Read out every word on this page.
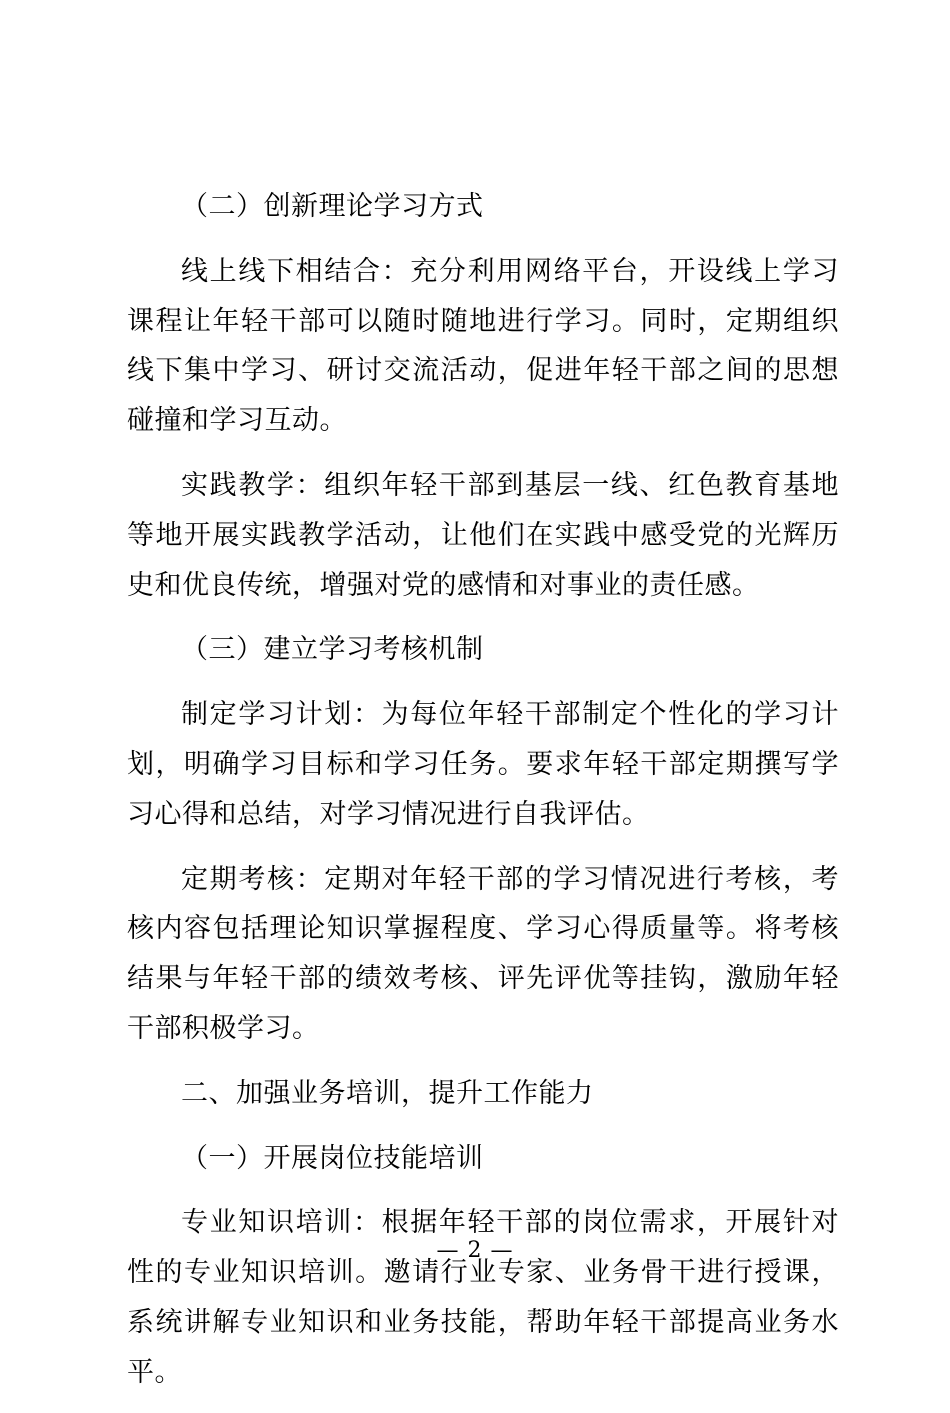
（二）创新理论学习方式

线上线下相结合：充分利用网络平台，开设线上学习课程让年轻干部可以随时随地进行学习。同时，定期组织线下集中学习、研讨交流活动，促进年轻干部之间的思想碰撞和学习互动。

实践教学：组织年轻干部到基层一线、红色教育基地等地开展实践教学活动，让他们在实践中感受党的光辉历史和优良传统，增强对党的感情和对事业的责任感。

（三）建立学习考核机制

制定学习计划：为每位年轻干部制定个性化的学习计划，明确学习目标和学习任务。要求年轻干部定期撰写学习心得和总结，对学习情况进行自我评估。

定期考核：定期对年轻干部的学习情况进行考核，考核内容包括理论知识掌握程度、学习心得质量等。将考核结果与年轻干部的绩效考核、评先评优等挂钩，激励年轻干部积极学习。

二、加强业务培训，提升工作能力

（一）开展岗位技能培训

专业知识培训：根据年轻干部的岗位需求，开展针对性的专业知识培训。邀请行业专家、业务骨干进行授课，系统讲解专业知识和业务技能，帮助年轻干部提高业务水平。

— 2 —
